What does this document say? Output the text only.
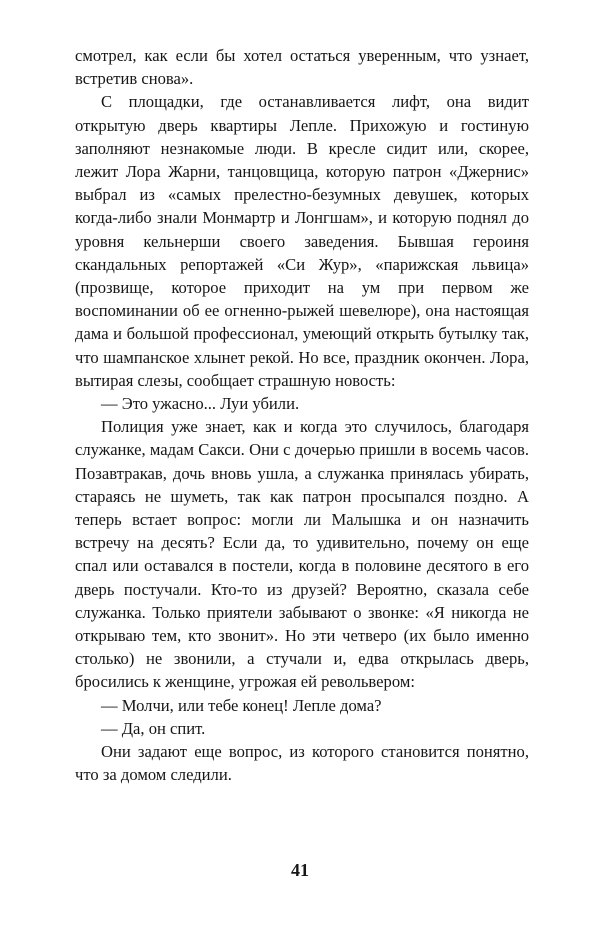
смотрел, как если бы хотел остаться уверенным, что узнает, встретив снова».

С площадки, где останавливается лифт, она видит открытую дверь квартиры Лепле. Прихожую и гостиную заполняют незнакомые люди. В кресле сидит или, скорее, лежит Лора Жарни, танцовщица, которую патрон «Джернис» выбрал из «самых прелестно-безумных девушек, которых когда-либо знали Монмартр и Лонгшам», и которую поднял до уровня кельнерши своего заведения. Бывшая героиня скандальных репортажей «Си Жур», «парижская львица» (прозвище, которое приходит на ум при первом же воспоминании об ее огненно-рыжей шевелюре), она настоящая дама и большой профессионал, умеющий открыть бутылку так, что шампанское хлынет рекой. Но все, праздник окончен. Лора, вытирая слезы, сообщает страшную новость:

— Это ужасно... Луи убили.

Полиция уже знает, как и когда это случилось, благодаря служанке, мадам Сакси. Они с дочерью пришли в восемь часов. Позавтракав, дочь вновь ушла, а служанка принялась убирать, стараясь не шуметь, так как патрон просыпался поздно. А теперь встает вопрос: могли ли Малышка и он назначить встречу на десять? Если да, то удивительно, почему он еще спал или оставался в постели, когда в половине десятого в его дверь постучали. Кто-то из друзей? Вероятно, сказала себе служанка. Только приятели забывают о звонке: «Я никогда не открываю тем, кто звонит». Но эти четверо (их было именно столько) не звонили, а стучали и, едва открылась дверь, бросились к женщине, угрожая ей револьвером:

— Молчи, или тебе конец! Лепле дома?

— Да, он спит.

Они задают еще вопрос, из которого становится понятно, что за домом следили.

41
